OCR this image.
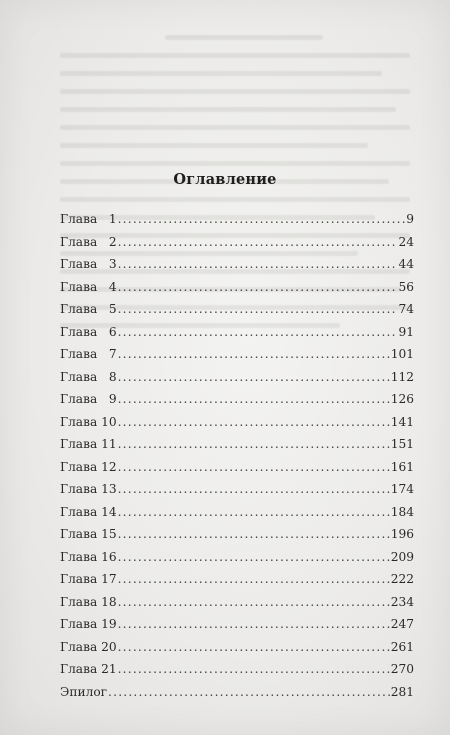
Оглавление
Глава   1 .....	9
Глава   2 .....	24
Глава   3 .....	44
Глава   4 .....	56
Глава   5 .....	74
Глава   6 .....	91
Глава   7 .....	101
Глава   8 .....	112
Глава   9 .....	126
Глава 10 .....	141
Глава 11 .....	151
Глава 12 .....	161
Глава 13 .....	174
Глава 14 .....	184
Глава 15 .....	196
Глава 16 .....	209
Глава 17 .....	222
Глава 18 .....	234
Глава 19 .....	247
Глава 20 .....	261
Глава 21 .....	270
Эпилог .....	281
